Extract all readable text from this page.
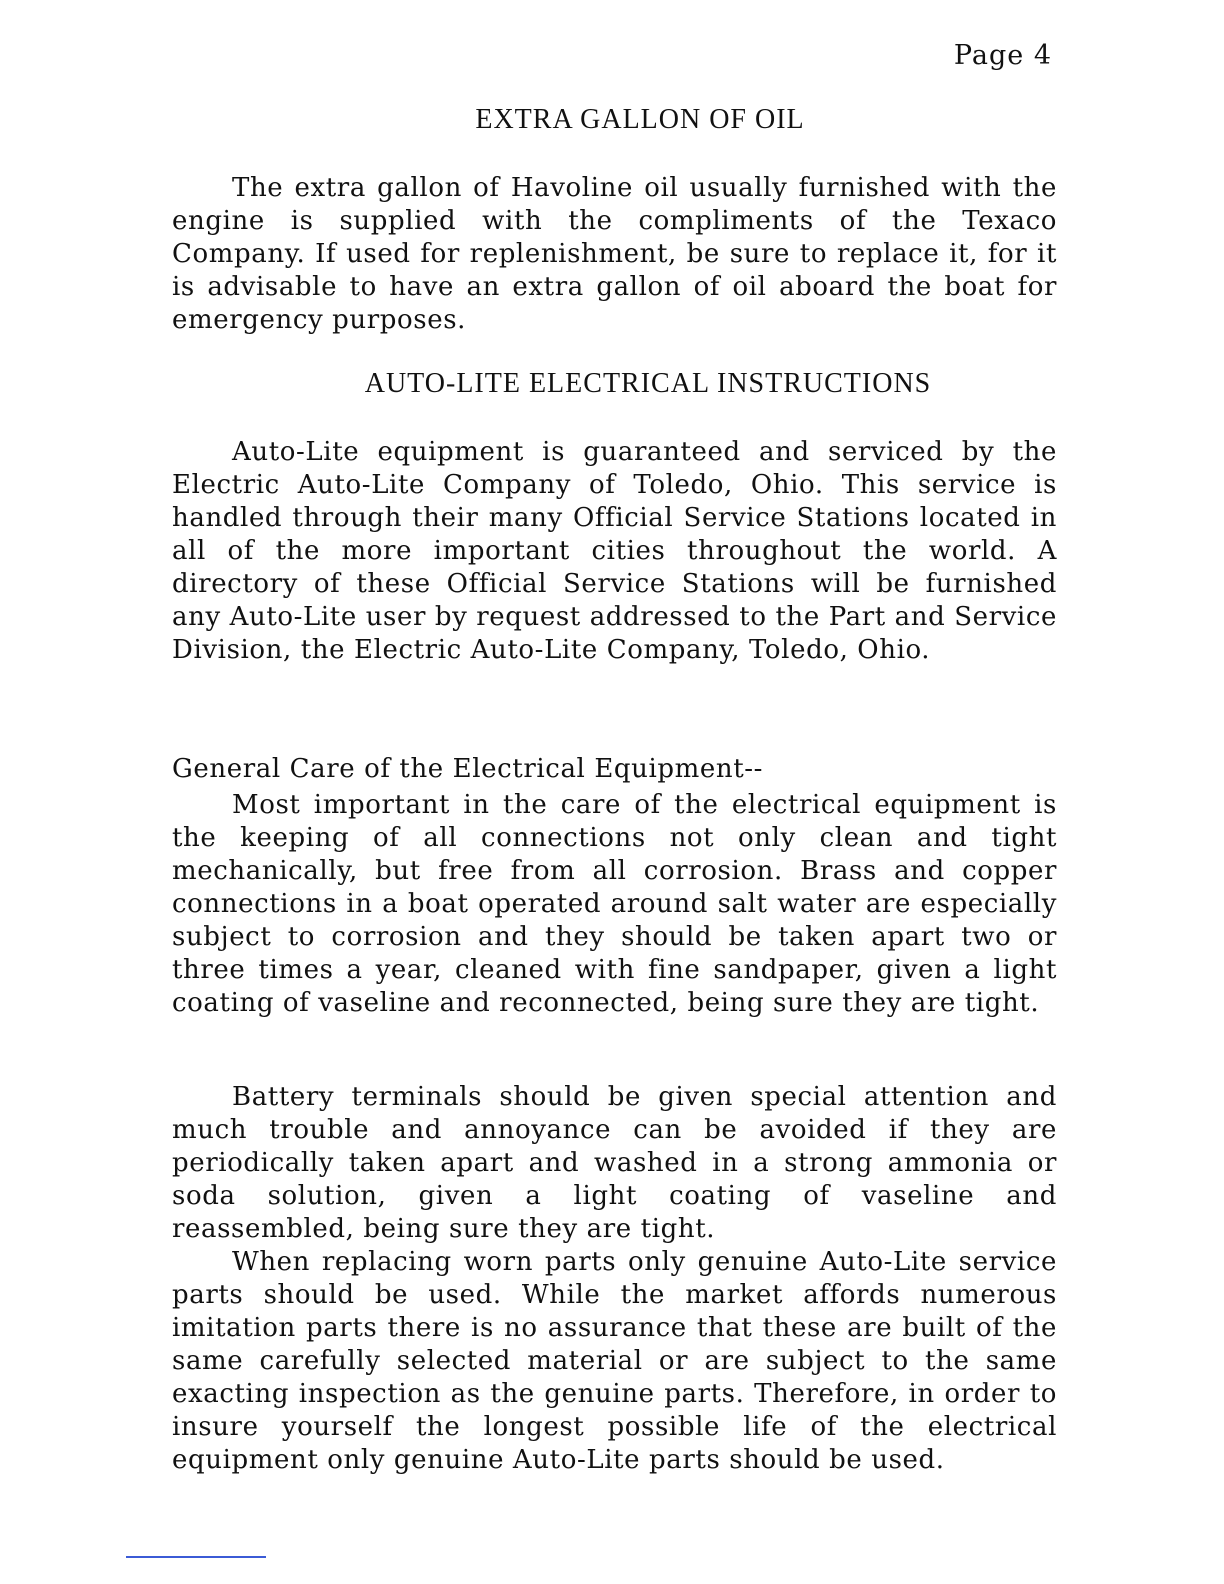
Page 4
EXTRA GALLON OF OIL

The extra gallon of Havoline oil usually furnished with the engine is supplied with the compliments of the Texaco Company. If used for replenishment, be sure to replace it, for it is advisable to have an extra gallon of oil aboard the boat for emergency purposes.

AUTO-LITE ELECTRICAL INSTRUCTIONS

Auto-Lite equipment is guaranteed and serviced by the Electric Auto-Lite Company of Toledo, Ohio. This service is handled through their many Official Service Stations located in all of the more important cities throughout the world. A directory of these Official Service Stations will be furnished any Auto-Lite user by request addressed to the Part and Service Division, the Electric Auto-Lite Company, Toledo, Ohio.

General Care of the Electrical Equipment--

Most important in the care of the electrical equipment is the keeping of all connections not only clean and tight mechanically, but free from all corrosion. Brass and copper connections in a boat operated around salt water are especially subject to corrosion and they should be taken apart two or three times a year, cleaned with fine sandpaper, given a light coating of vaseline and reconnected, being sure they are tight.

Battery terminals should be given special attention and much trouble and annoyance can be avoided if they are periodically taken apart and washed in a strong ammonia or soda solution, given a light coating of vaseline and reassembled, being sure they are tight.

When replacing worn parts only genuine Auto-Lite service parts should be used. While the market affords numerous imitation parts there is no assurance that these are built of the same carefully selected material or are subject to the same exacting inspection as the genuine parts. Therefore, in order to insure yourself the longest possible life of the electrical equipment only genuine Auto-Lite parts should be used.
